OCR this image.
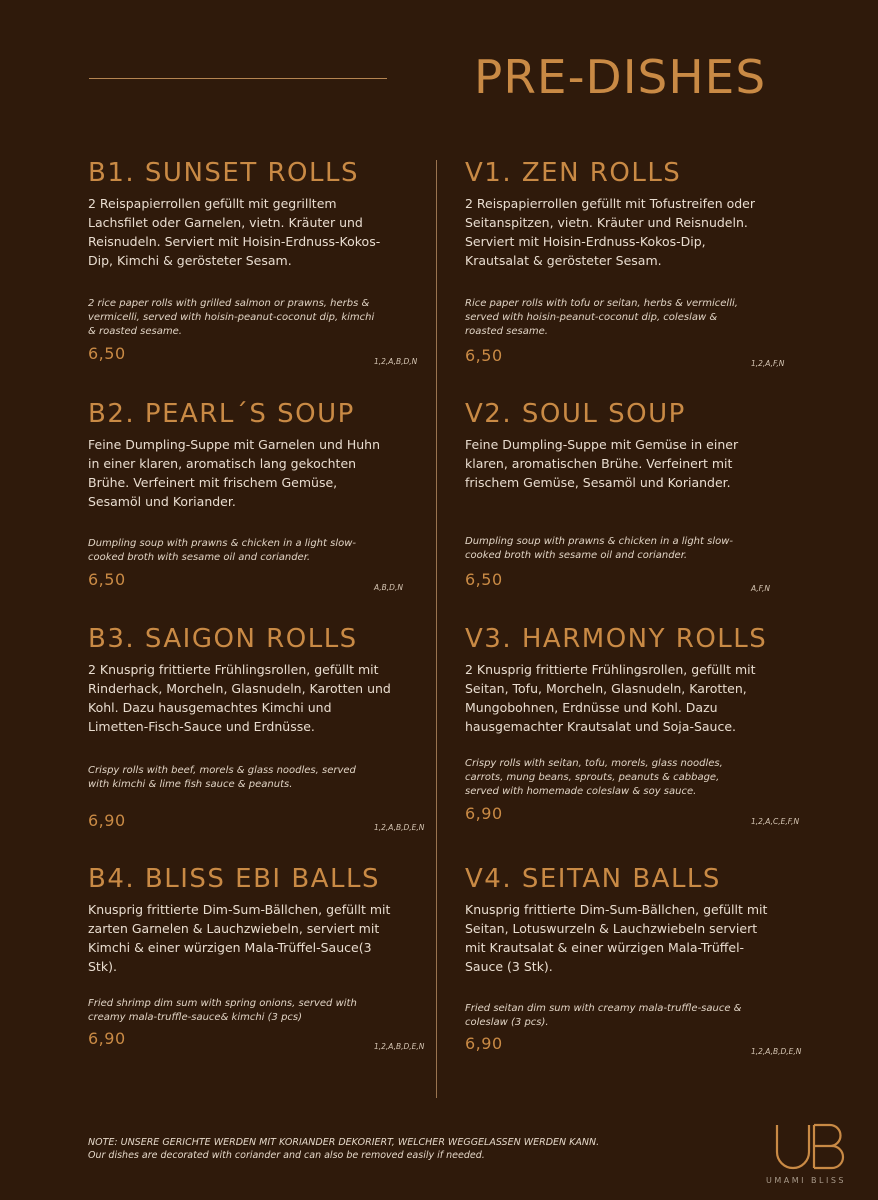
PRE-DISHES
B1. SUNSET ROLLS

2 Reispapierrollen gefüllt mit gegrilltem Lachsfilet oder Garnelen, vietn. Kräuter und Reisnudeln. Serviert mit Hoisin-Erdnuss-Kokos-Dip, Kimchi & gerösteter Sesam.

2 rice paper rolls with grilled salmon or prawns, herbs & vermicelli, served with hoisin-peanut-coconut dip, kimchi & roasted sesame.

6,50	1,2,A,B,D,N
V1. ZEN ROLLS

2 Reispapierrollen gefüllt mit Tofustreifen oder Seitanspitzen, vietn. Kräuter und Reisnudeln. Serviert mit Hoisin-Erdnuss-Kokos-Dip, Krautsalat & gerösteter Sesam.

Rice paper rolls with tofu or seitan, herbs & vermicelli, served with hoisin-peanut-coconut dip, coleslaw & roasted sesame.

6,50	1,2,A,F,N
B2. PEARL´S SOUP

Feine Dumpling-Suppe mit Garnelen und Huhn in einer klaren, aromatisch lang gekochten Brühe. Verfeinert mit frischem Gemüse, Sesamöl und Koriander.

Dumpling soup with prawns & chicken in a light slow-cooked broth with sesame oil and coriander.

6,50	A,B,D,N
V2. SOUL SOUP

Feine Dumpling-Suppe mit Gemüse in einer klaren, aromatischen Brühe. Verfeinert mit frischem Gemüse, Sesamöl und Koriander.

Dumpling soup with prawns & chicken in a light slow-cooked broth with sesame oil and coriander.

6,50	A,F,N
B3. SAIGON ROLLS

2 Knusprig frittierte Frühlingsrollen, gefüllt mit Rinderhack, Morcheln, Glasnudeln, Karotten und Kohl. Dazu hausgemachtes Kimchi und Limetten-Fisch-Sauce und Erdnüsse.

Crispy rolls with beef, morels & glass noodles, served with kimchi & lime fish sauce & peanuts.

6,90	1,2,A,B,D,E,N
V3. HARMONY ROLLS

2 Knusprig frittierte Frühlingsrollen, gefüllt mit Seitan, Tofu, Morcheln, Glasnudeln, Karotten, Mungobohnen, Erdnüsse und Kohl. Dazu hausgemachter Krautsalat und Soja-Sauce.

Crispy rolls with seitan, tofu, morels, glass noodles, carrots, mung beans, sprouts, peanuts & cabbage, served with homemade coleslaw & soy sauce.

6,90	1,2,A,C,E,F,N
B4. BLISS EBI BALLS

Knusprig frittierte Dim-Sum-Bällchen, gefüllt mit zarten Garnelen & Lauchzwiebeln, serviert mit Kimchi & einer würzigen Mala-Trüffel-Sauce(3 Stk).

Fried shrimp dim sum with spring onions, served with creamy mala-truffle-sauce& kimchi (3 pcs)

6,90	1,2,A,B,D,E,N
V4. SEITAN BALLS

Knusprig frittierte Dim-Sum-Bällchen, gefüllt mit Seitan, Lotuswurzeln & Lauchzwiebeln serviert mit Krautsalat & einer würzigen Mala-Trüffel-Sauce (3 Stk).

Fried seitan dim sum with creamy mala-truffle-sauce & coleslaw (3 pcs).

6,90	1,2,A,B,D,E,N

NOTE: UNSERE GERICHTE WERDEN MIT KORIANDER DEKORIERT, WELCHER WEGGELASSEN WERDEN KANN.
Our dishes are decorated with coriander and can also be removed easily if needed.

UMAMI BLISS
